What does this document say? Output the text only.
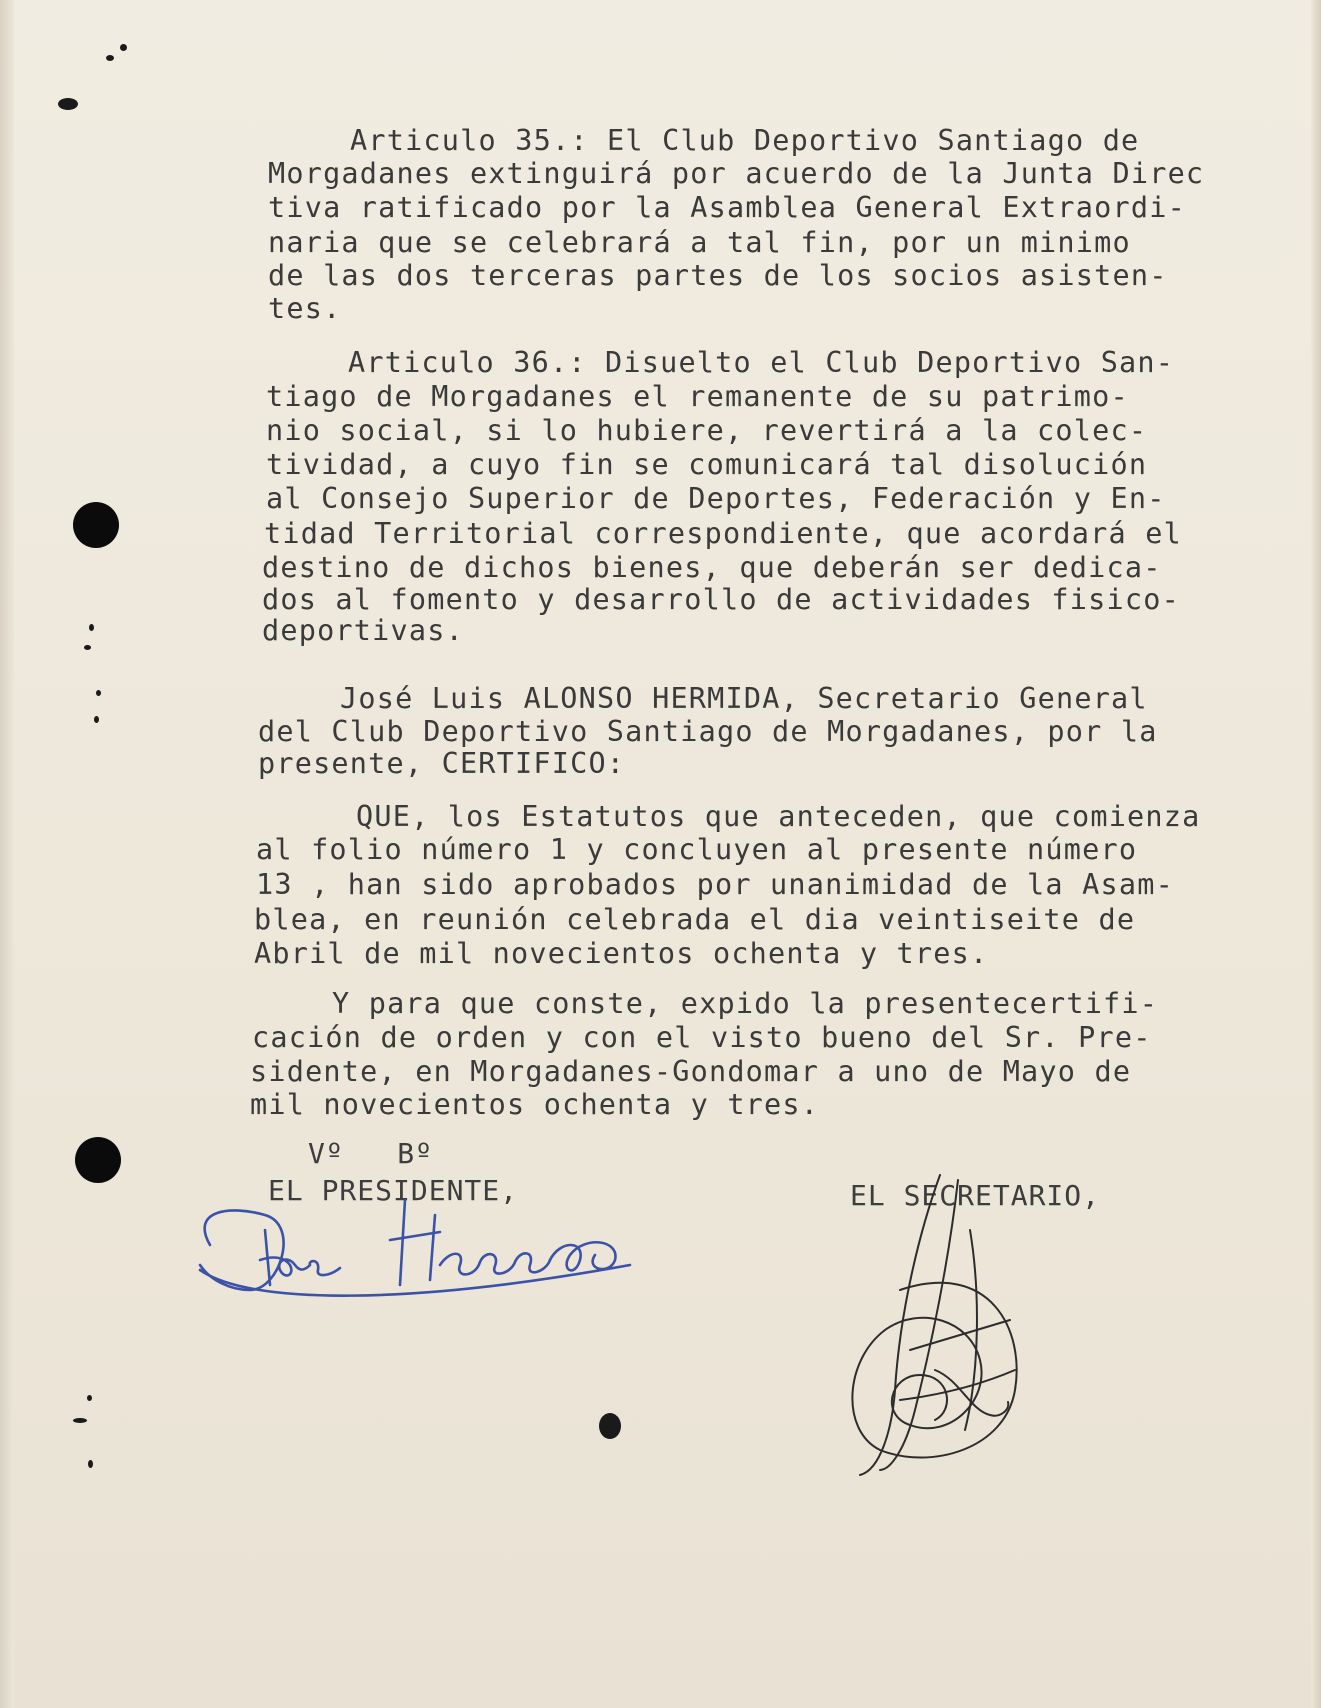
Articulo 35.: El Club Deportivo Santiago de
Morgadanes extinguirá por acuerdo de la Junta Direc
tiva ratificado por la Asamblea General Extraordi-
naria que se celebrará a tal fin, por un minimo
de las dos terceras partes de los socios asisten-
tes.
Articulo 36.: Disuelto el Club Deportivo San-
tiago de Morgadanes el remanente de su patrimo-
nio social, si lo hubiere, revertirá a la colec-
tividad, a cuyo fin se comunicará tal disolución
al Consejo Superior de Deportes, Federación y En-
tidad Territorial correspondiente, que acordará el
destino de dichos bienes, que deberán ser dedica-
dos al fomento y desarrollo de actividades fisico-
deportivas.
José Luis ALONSO HERMIDA, Secretario General
del Club Deportivo Santiago de Morgadanes, por la
presente, CERTIFICO:
QUE, los Estatutos que anteceden, que comienza
al folio número 1 y concluyen al presente número
13 , han sido aprobados por unanimidad de la Asam-
blea, en reunión celebrada el dia veintiseite de
Abril de mil novecientos ochenta y tres.
Y para que conste, expido la presentecertifi-
cación de orden y con el visto bueno del Sr. Pre-
sidente, en Morgadanes-Gondomar a uno de Mayo de
mil novecientos ochenta y tres.
Vº   Bº
EL PRESIDENTE,	EL SECRETARIO,
